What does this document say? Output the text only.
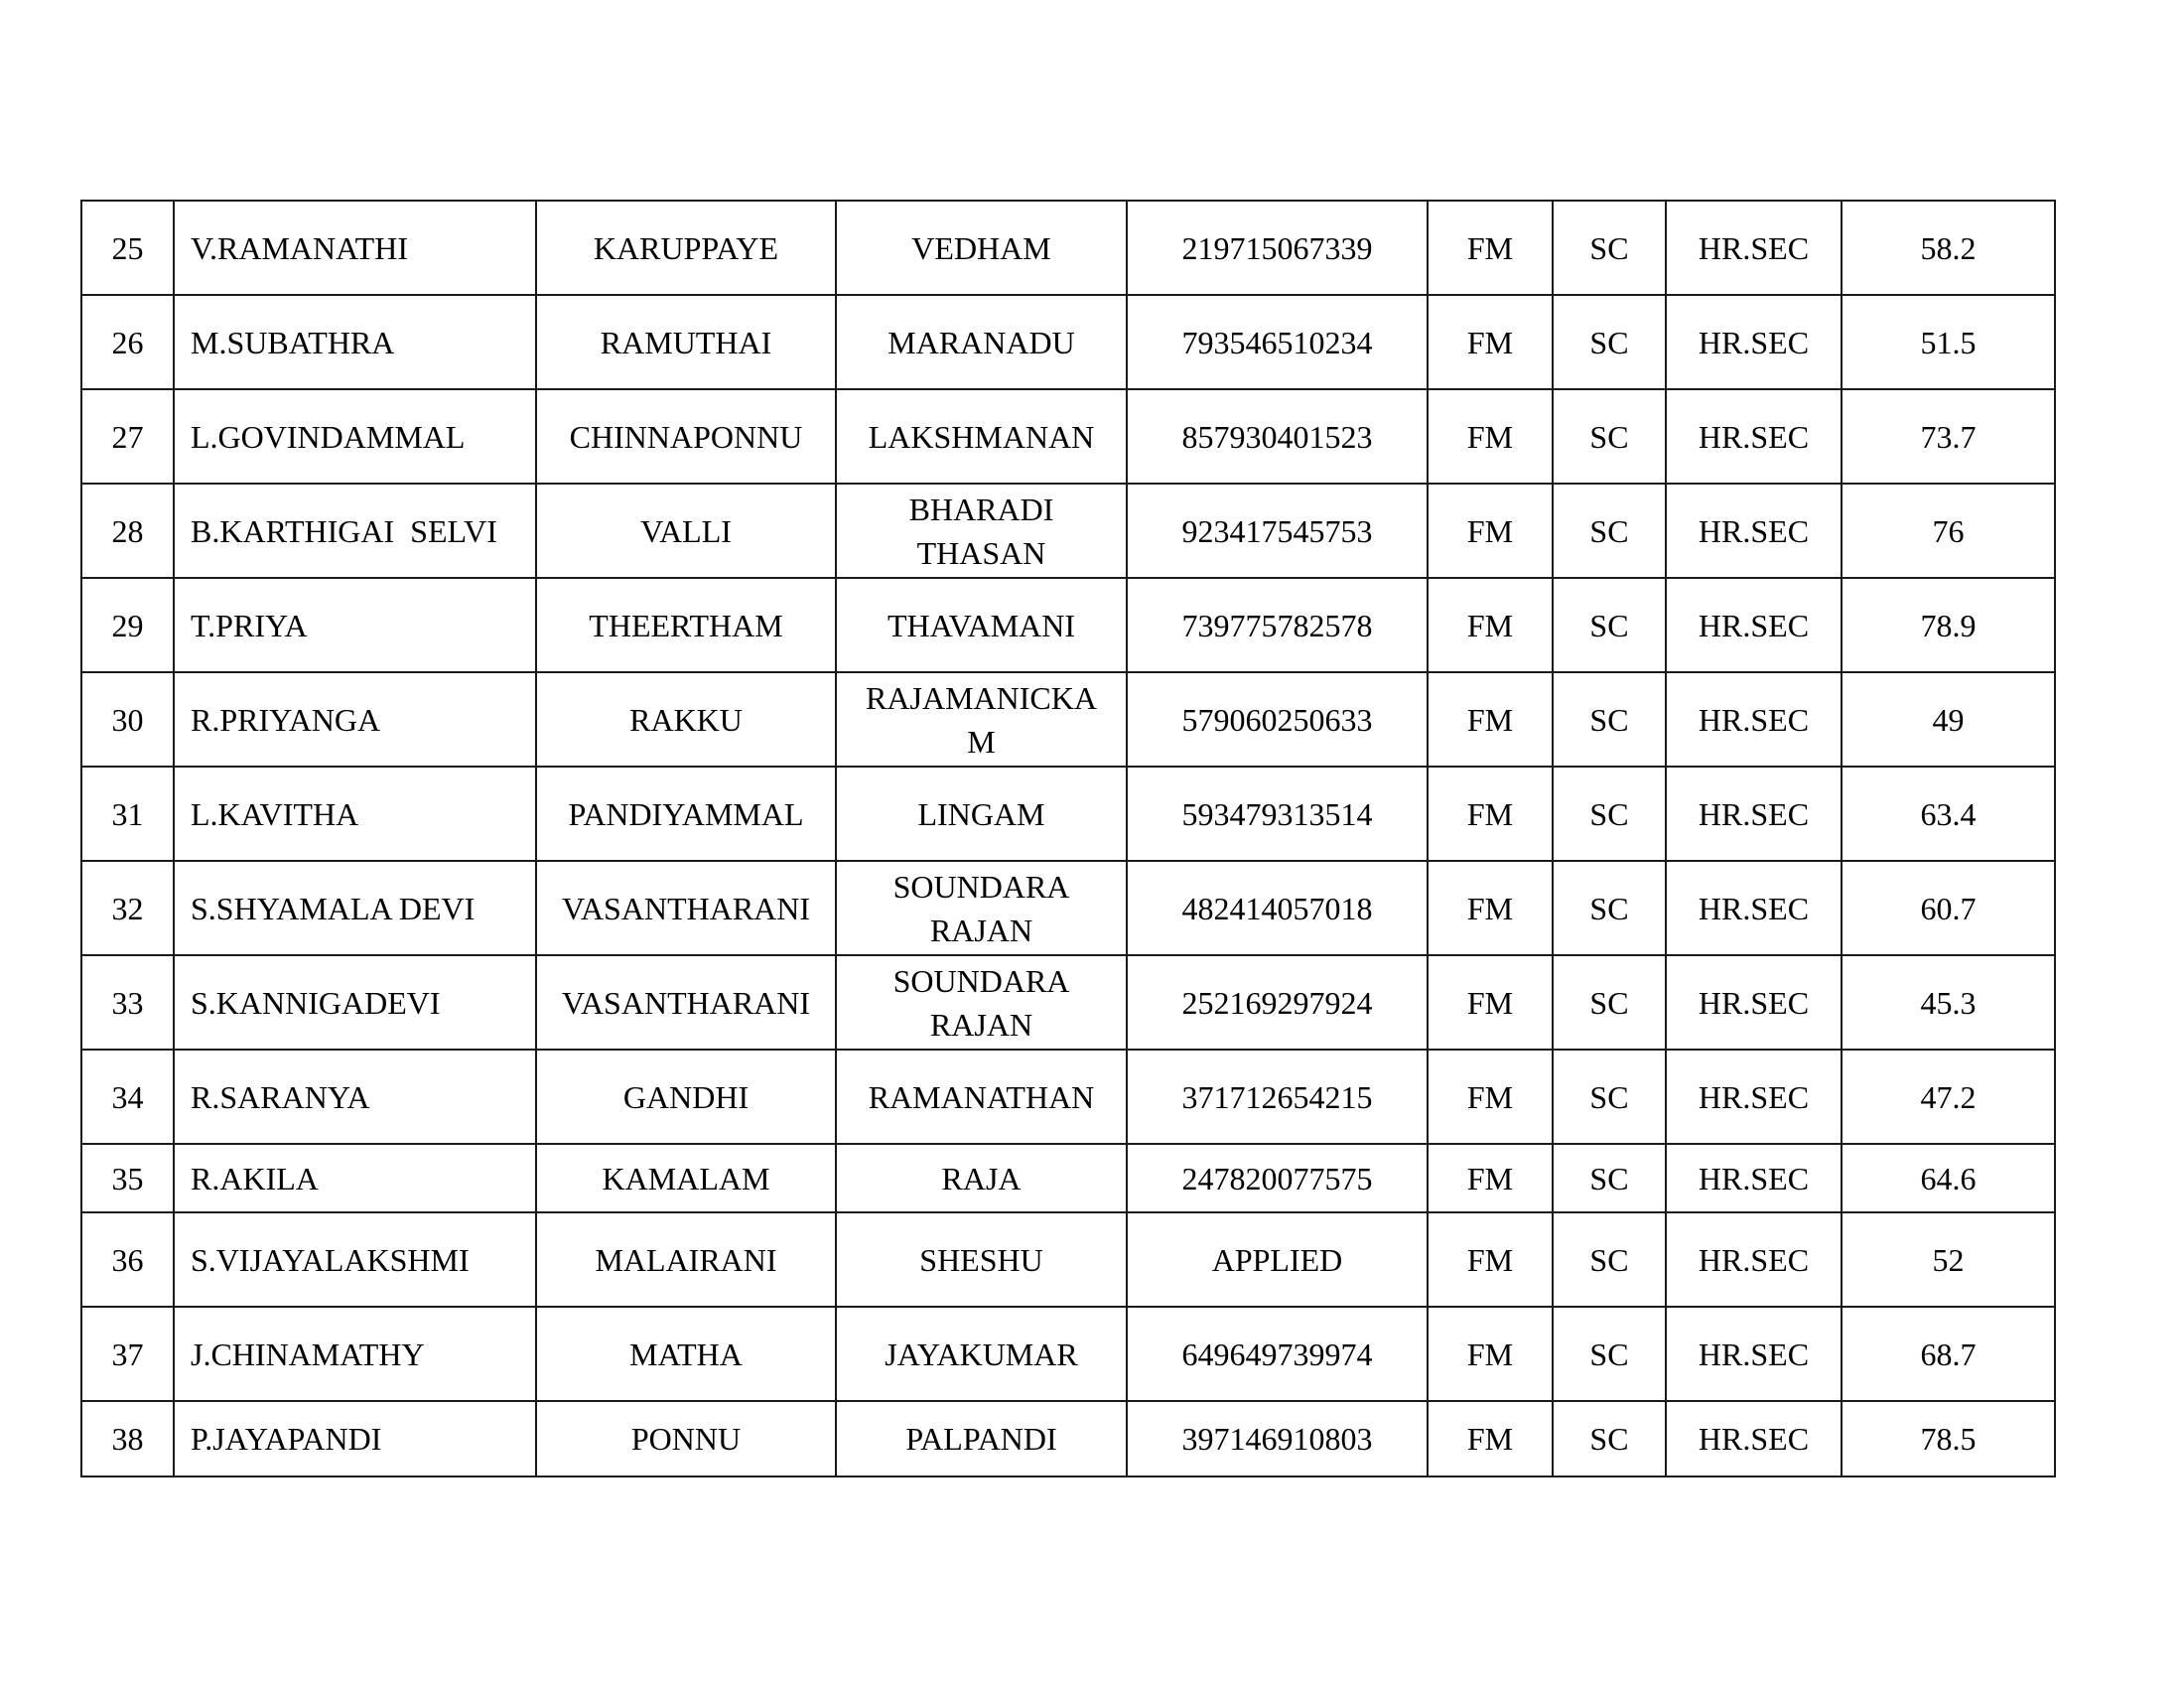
25	V.RAMANATHI	KARUPPAYE	VEDHAM	219715067339	FM	SC	HR.SEC	58.2
26	M.SUBATHRA	RAMUTHAI	MARANADU	793546510234	FM	SC	HR.SEC	51.5
27	L.GOVINDAMMAL	CHINNAPONNU	LAKSHMANAN	857930401523	FM	SC	HR.SEC	73.7
28	B.KARTHIGAI  SELVI	VALLI	BHARADI THASAN	923417545753	FM	SC	HR.SEC	76
29	T.PRIYA	THEERTHAM	THAVAMANI	739775782578	FM	SC	HR.SEC	78.9
30	R.PRIYANGA	RAKKU	RAJAMANICKAM	579060250633	FM	SC	HR.SEC	49
31	L.KAVITHA	PANDIYAMMAL	LINGAM	593479313514	FM	SC	HR.SEC	63.4
32	S.SHYAMALA DEVI	VASANTHARANI	SOUNDARA RAJAN	482414057018	FM	SC	HR.SEC	60.7
33	S.KANNIGADEVI	VASANTHARANI	SOUNDARA RAJAN	252169297924	FM	SC	HR.SEC	45.3
34	R.SARANYA	GANDHI	RAMANATHAN	371712654215	FM	SC	HR.SEC	47.2
35	R.AKILA	KAMALAM	RAJA	247820077575	FM	SC	HR.SEC	64.6
36	S.VIJAYALAKSHMI	MALAIRANI	SHESHU	APPLIED	FM	SC	HR.SEC	52
37	J.CHINAMATHY	MATHA	JAYAKUMAR	649649739974	FM	SC	HR.SEC	68.7
38	P.JAYAPANDI	PONNU	PALPANDI	397146910803	FM	SC	HR.SEC	78.5
